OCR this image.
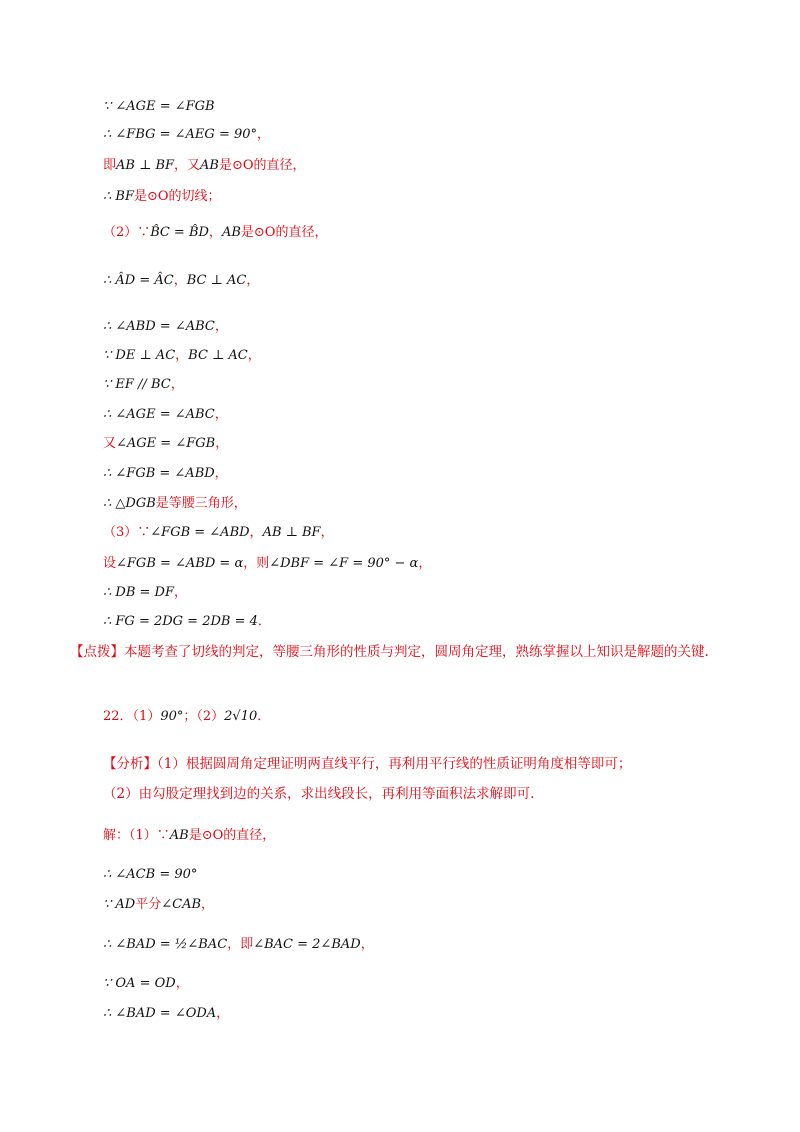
∵ ∠AGE = ∠FGB
∴ ∠FBG = ∠AEG = 90°，
即AB ⊥ BF，又AB是⊙O的直径，
∴ BF是⊙O的切线；
（2）∵B̂C = B̂D，AB是⊙O的直径，
∴ ÂD = ÂC，BC ⊥ AC，
∴ ∠ABD = ∠ABC，
∵ DE ⊥ AC，BC ⊥ AC，
∵ EF // BC，
∴ ∠AGE = ∠ABC，
又∠AGE = ∠FGB，
∴ ∠FGB = ∠ABD，
∴ △DGB是等腰三角形，
（3）∵∠FGB = ∠ABD，AB ⊥ BF，
设∠FGB = ∠ABD = α，则∠DBF = ∠F = 90° − α，
∴ DB = DF，
∴ FG = 2DG = 2DB = 4．
22．（1）90°；（2）2√10．
解：（1）∵AB是⊙O的直径，
∴ ∠ACB = 90°
∵ AD平分∠CAB，
∴ ∠BAD = ½∠BAC，即∠BAC = 2∠BAD，
∵ OA = OD，
∴ ∠BAD = ∠ODA，
【点拨】本题考查了切线的判定，等腰三角形的性质与判定，圆周角定理，熟练掌握以上知识是解题的关键.
【分析】（1）根据圆周角定理证明两直线平行，再利用平行线的性质证明角度相等即可；
（2）由勾股定理找到边的关系，求出线段长，再利用等面积法求解即可.
